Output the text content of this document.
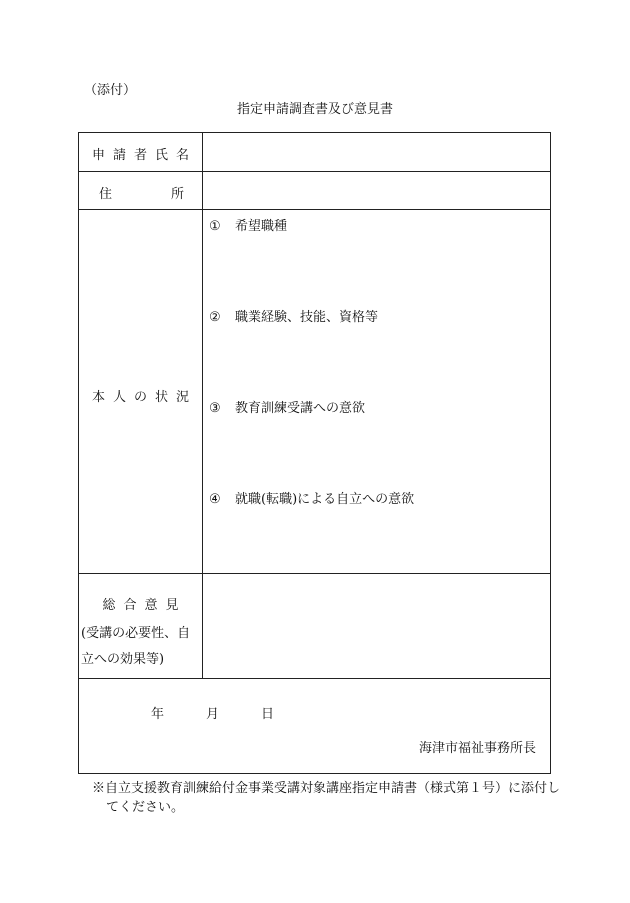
（添付）
指定申請調査書及び意見書
申請者氏名
住	所
本人の状況
① 希望職種
② 職業経験、技能、資格等
③ 教育訓練受講への意欲
④ 就職(転職)による自立への意欲
総合意見
(受講の必要性、自
立への効果等)
年	月	日
海津市福祉事務所長
※自立支援教育訓練給付金事業受講対象講座指定申請書（様式第１号）に添付し
てください。
